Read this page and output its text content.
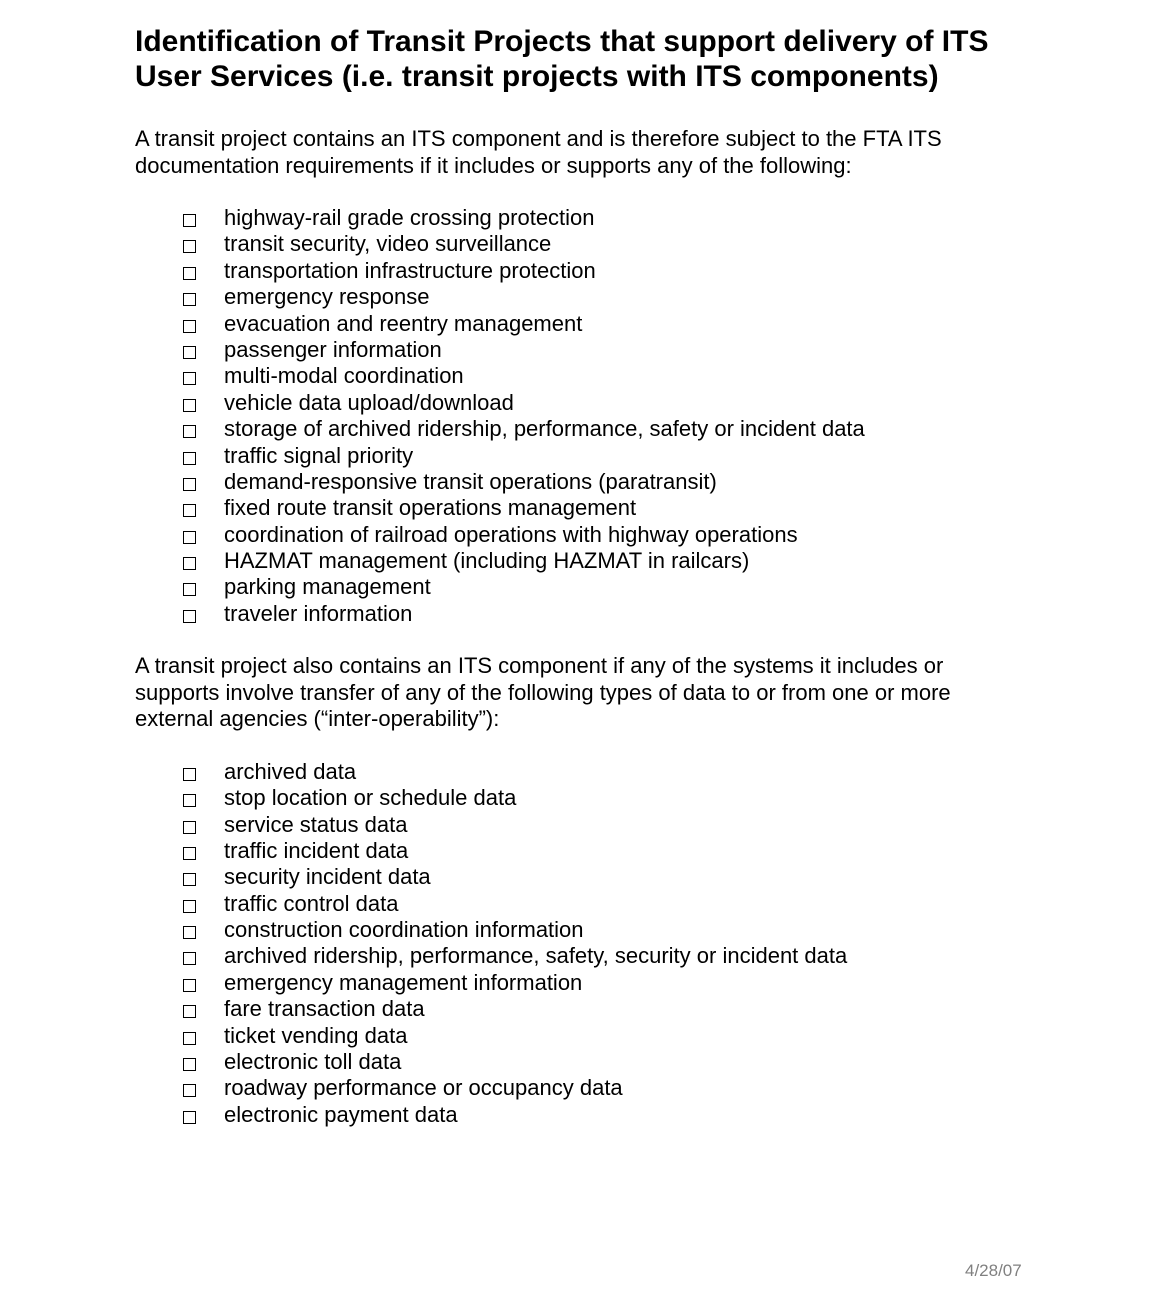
Identification of Transit Projects that support delivery of ITS
User Services (i.e. transit projects with ITS components)

A transit project contains an ITS component and is therefore subject to the FTA ITS
documentation requirements if it includes or supports any of the following:

highway-rail grade crossing protection
transit security, video surveillance
transportation infrastructure protection
emergency response
evacuation and reentry management
passenger information
multi-modal coordination
vehicle data upload/download
storage of archived ridership, performance, safety or incident data
traffic signal priority
demand-responsive transit operations (paratransit)
fixed route transit operations management
coordination of railroad operations with highway operations
HAZMAT management (including HAZMAT in railcars)
parking management
traveler information

A transit project also contains an ITS component if any of the systems it includes or
supports involve transfer of any of the following types of data to or from one or more
external agencies (“inter-operability”):

archived data
stop location or schedule data
service status data
traffic incident data
security incident data
traffic control data
construction coordination information
archived ridership, performance, safety, security or incident data
emergency management information
fare transaction data
ticket vending data
electronic toll data
roadway performance or occupancy data
electronic payment data
4/28/07
